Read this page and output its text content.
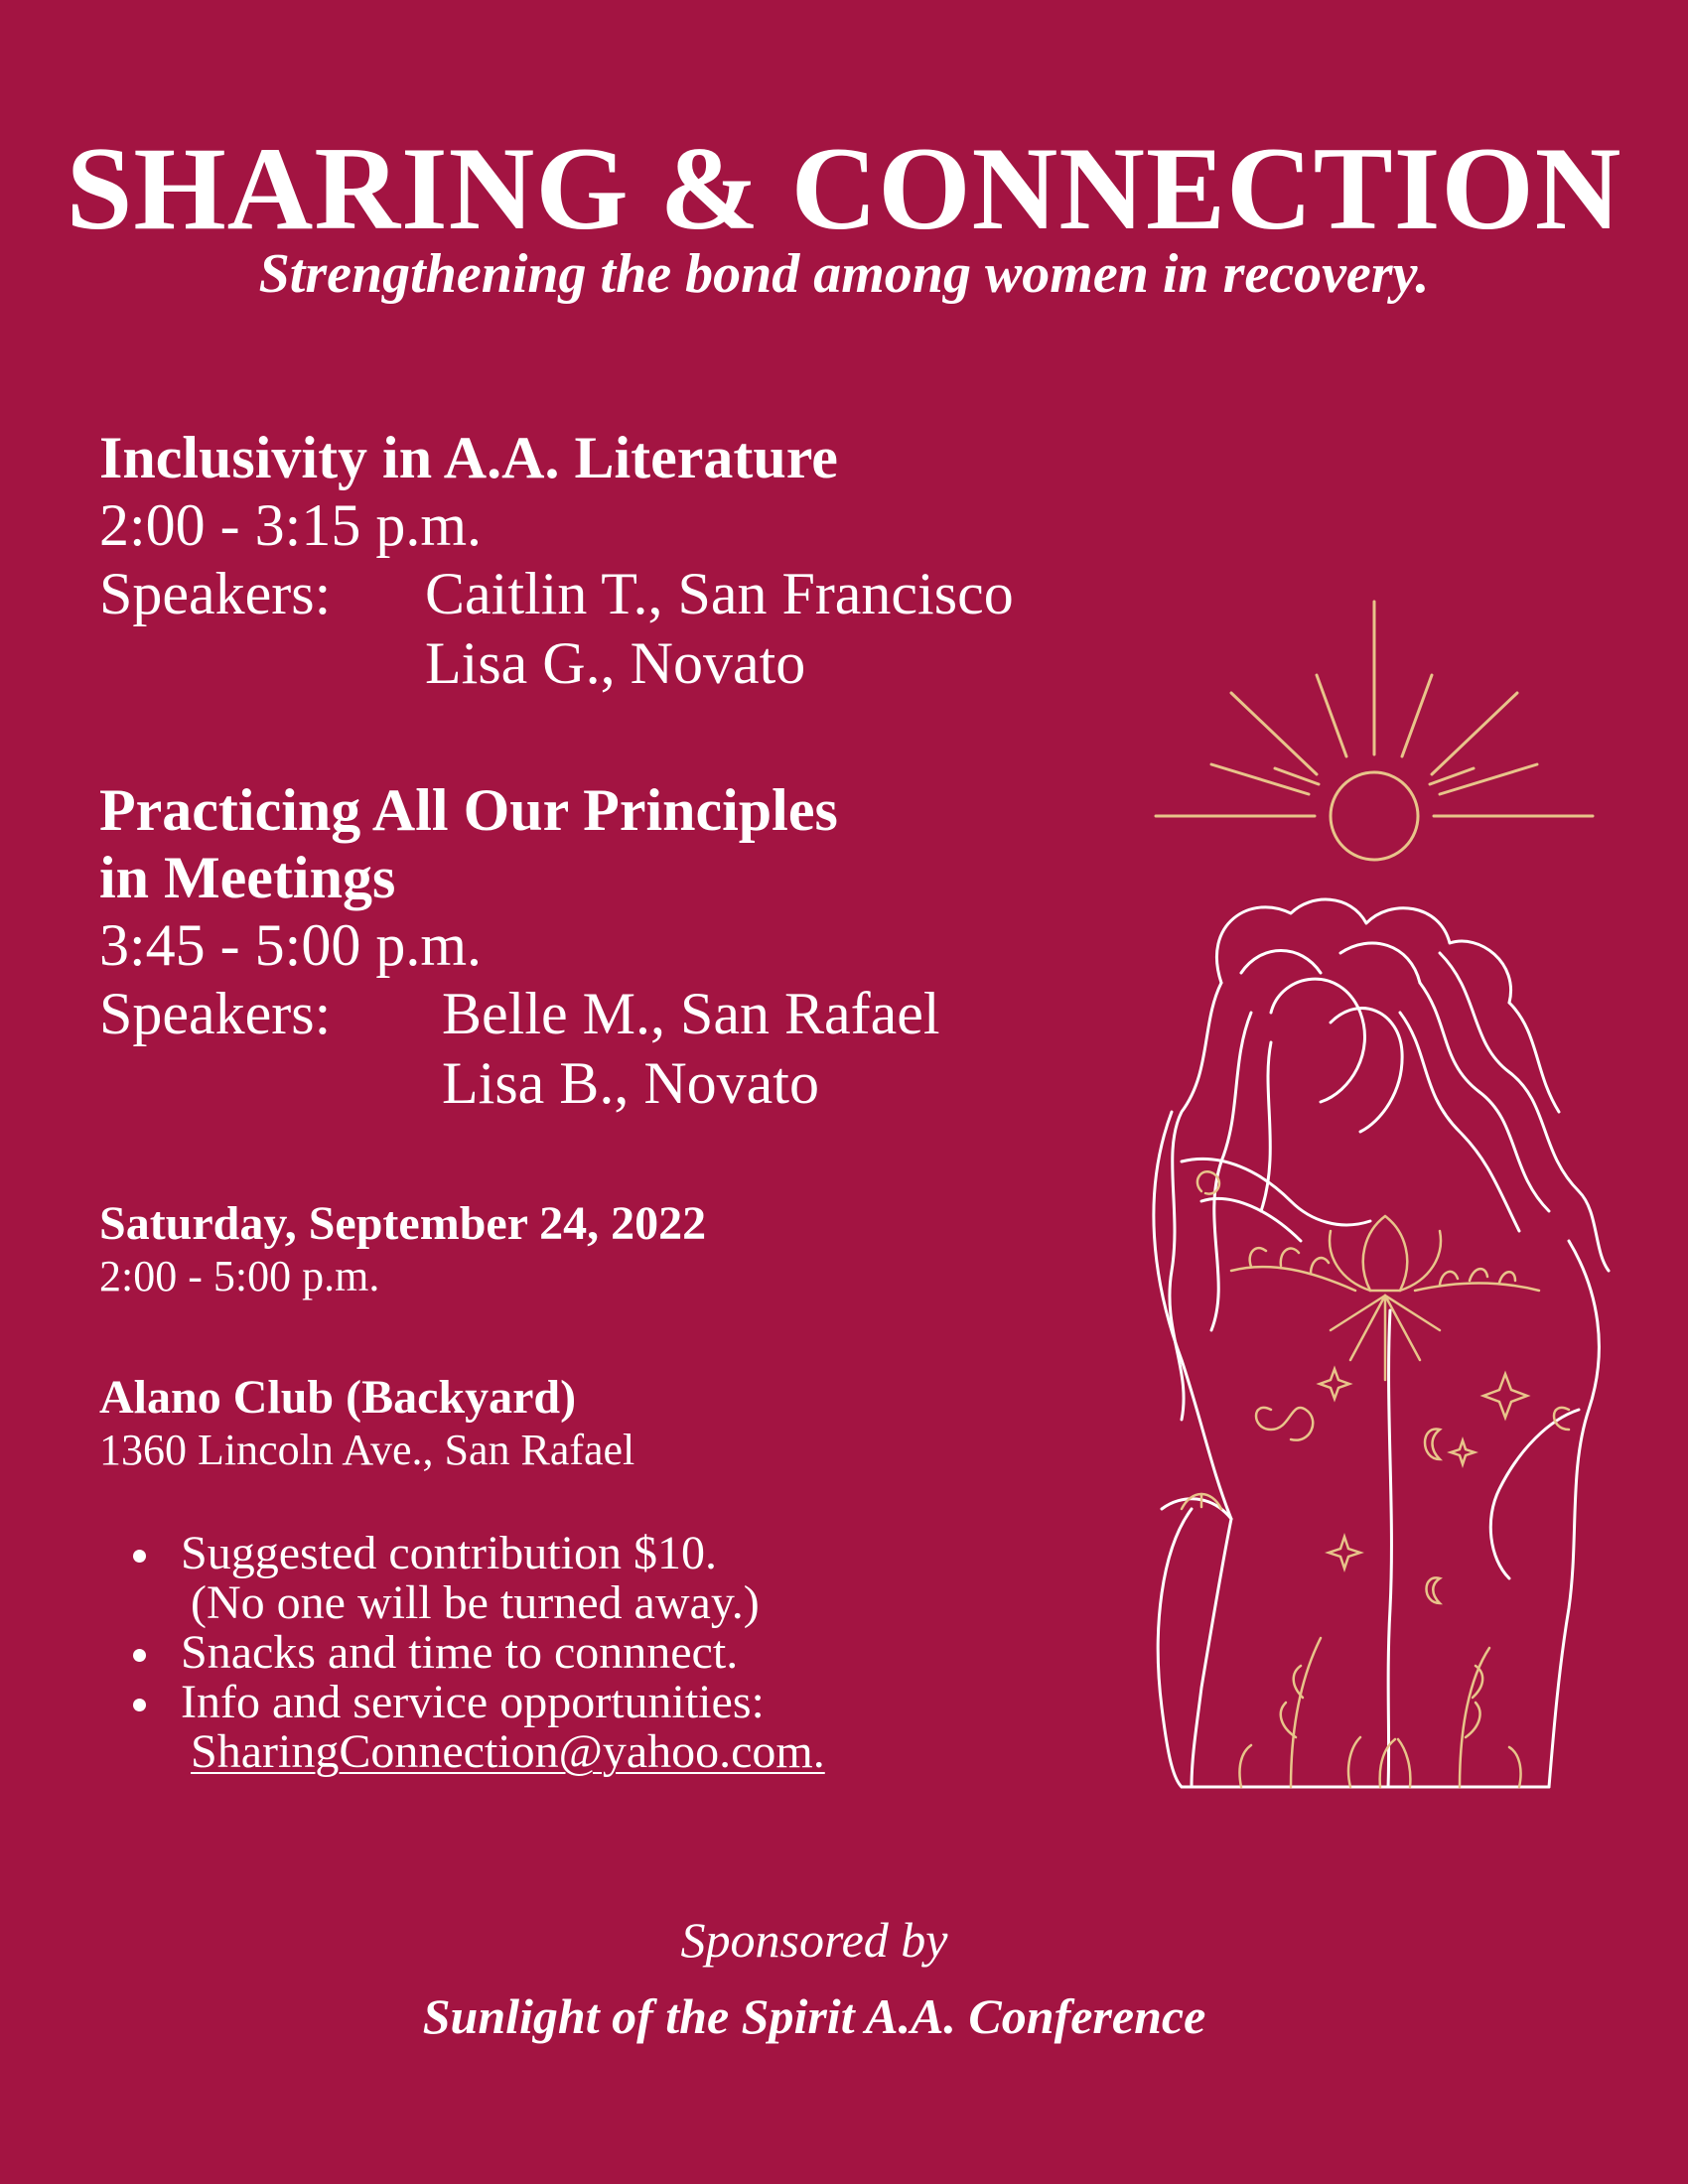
SHARING & CONNECTION
Strengthening the bond among women in recovery.
Inclusivity in A.A. Literature
2:00 - 3:15 p.m.
Speakers:	Caitlin T., San Francisco
Lisa G., Novato
Practicing All Our Principles
in Meetings
3:45 - 5:00 p.m.
Speakers:	Belle M., San Rafael
Lisa B., Novato
Saturday, September 24, 2022
2:00 - 5:00 p.m.
Alano Club (Backyard)
1360 Lincoln Ave., San Rafael
Suggested contribution $10.
(No one will be turned away.)
Snacks and time to connnect.
Info and service opportunities:
SharingConnection@yahoo.com.
Sponsored by
Sunlight of the Spirit A.A. Conference
